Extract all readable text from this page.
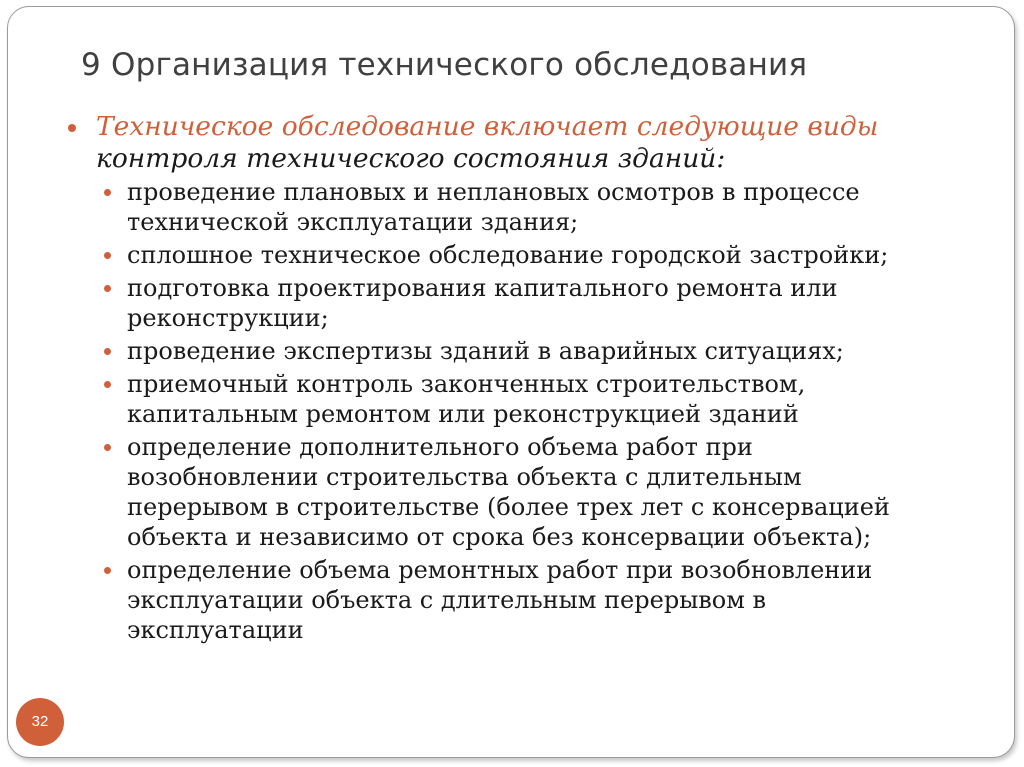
9 Организация технического обследования

Техническое обследование включает следующие виды контроля технического состояния зданий:

проведение плановых и неплановых осмотров в процессе
технической эксплуатации здания;
сплошное техническое обследование городской застройки;
подготовка проектирования капитального ремонта или
реконструкции;
проведение экспертизы зданий в аварийных ситуациях;
приемочный контроль законченных строительством,
капитальным ремонтом или реконструкцией зданий
определение дополнительного объема работ при
возобновлении строительства объекта с длительным
перерывом в строительстве (более трех лет с консервацией
объекта и независимо от срока без консервации объекта);
определение объема ремонтных работ при возобновлении
эксплуатации объекта с длительным перерывом в
эксплуатации
32
